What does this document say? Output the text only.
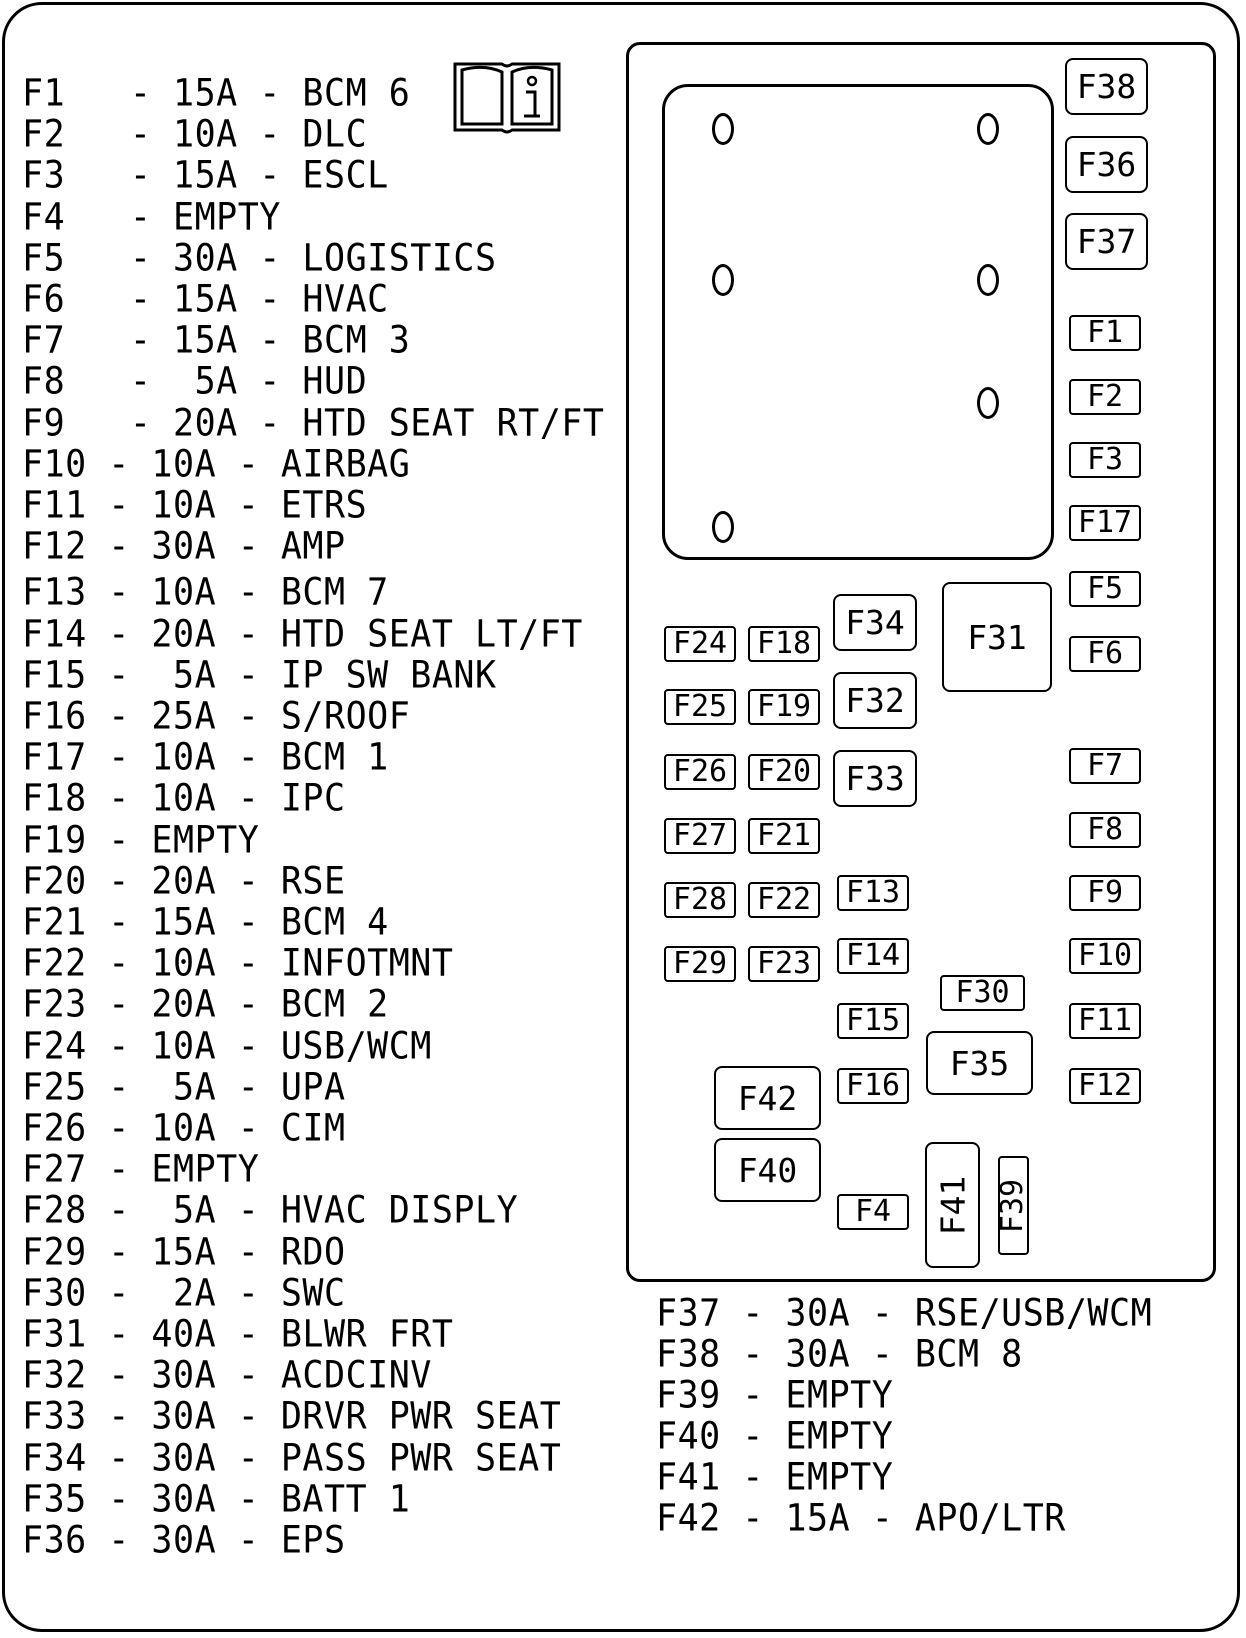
F1   - 15A - BCM 6
F2   - 10A - DLC
F3   - 15A - ESCL
F4   - EMPTY
F5   - 30A - LOGISTICS
F6   - 15A - HVAC
F7   - 15A - BCM 3
F8   -  5A - HUD
F9   - 20A - HTD SEAT RT/FT
F10 - 10A - AIRBAG
F11 - 10A - ETRS
F12 - 30A - AMP
F13 - 10A - BCM 7
F14 - 20A - HTD SEAT LT/FT
F15 -  5A - IP SW BANK
F16 - 25A - S/ROOF
F17 - 10A - BCM 1
F18 - 10A - IPC
F19 - EMPTY
F20 - 20A - RSE
F21 - 15A - BCM 4
F22 - 10A - INFOTMNT
F23 - 20A - BCM 2
F24 - 10A - USB/WCM
F25 -  5A - UPA
F26 - 10A - CIM
F27 - EMPTY
F28 -  5A - HVAC DISPLY
F29 - 15A - RDO
F30 -  2A - SWC
F31 - 40A - BLWR FRT
F32 - 30A - ACDCINV
F33 - 30A - DRVR PWR SEAT
F34 - 30A - PASS PWR SEAT
F35 - 30A - BATT 1
F36 - 30A - EPS
F37 - 30A - RSE/USB/WCM
F38 - 30A - BCM 8
F39 - EMPTY
F40 - EMPTY
F41 - EMPTY
F42 - 15A - APO/LTR
F38
F36
F37
F1
F2
F3
F17
F5
F6
F7
F8
F9
F10
F11
F12
F24 F18
F25 F19
F26 F20
F27 F21
F28 F22
F29 F23
F13
F14
F15
F16
F30
F4
F34
F32
F33
F31
F35
F42
F40
F41 F39
